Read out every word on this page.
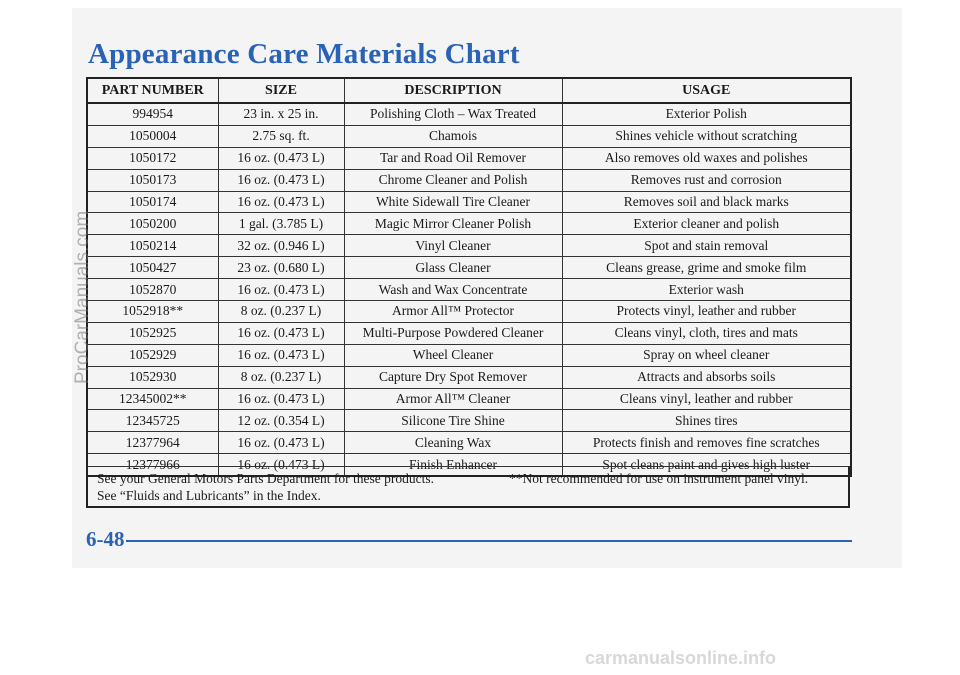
Appearance Care Materials Chart
PART NUMBER	SIZE	DESCRIPTION	USAGE
994954	23 in. x 25 in.	Polishing Cloth – Wax Treated	Exterior Polish
1050004	2.75 sq. ft.	Chamois	Shines vehicle without scratching
1050172	16 oz. (0.473 L)	Tar and Road Oil Remover	Also removes old waxes and polishes
1050173	16 oz. (0.473 L)	Chrome Cleaner and Polish	Removes rust and corrosion
1050174	16 oz. (0.473 L)	White Sidewall Tire Cleaner	Removes soil and black marks
1050200	1 gal. (3.785 L)	Magic Mirror Cleaner Polish	Exterior cleaner and polish
1050214	32 oz. (0.946 L)	Vinyl Cleaner	Spot and stain removal
1050427	23 oz. (0.680 L)	Glass Cleaner	Cleans grease, grime and smoke film
1052870	16 oz. (0.473 L)	Wash and Wax Concentrate	Exterior wash
1052918**	8 oz. (0.237 L)	Armor All™ Protector	Protects vinyl, leather and rubber
1052925	16 oz. (0.473 L)	Multi-Purpose Powdered Cleaner	Cleans vinyl, cloth, tires and mats
1052929	16 oz. (0.473 L)	Wheel Cleaner	Spray on wheel cleaner
1052930	8 oz. (0.237 L)	Capture Dry Spot Remover	Attracts and absorbs soils
12345002**	16 oz. (0.473 L)	Armor All™ Cleaner	Cleans vinyl, leather and rubber
12345725	12 oz. (0.354 L)	Silicone Tire Shine	Shines tires
12377964	16 oz. (0.473 L)	Cleaning Wax	Protects finish and removes fine scratches
12377966	16 oz. (0.473 L)	Finish Enhancer	Spot cleans paint and gives high luster
See your General Motors Parts Department for these products.	**Not recommended for use on instrument panel vinyl.
See “Fluids and Lubricants” in the Index.
6-48
ProCarManuals.com
carmanualsonline.info
